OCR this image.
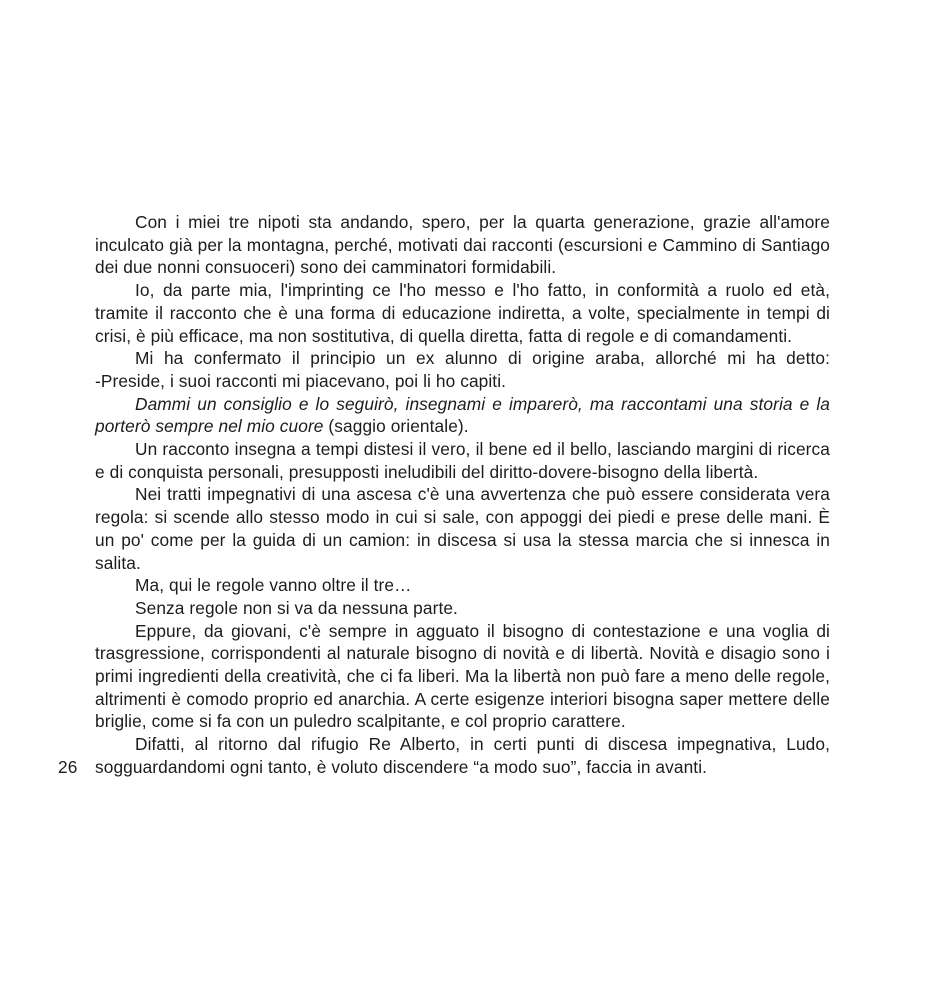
26

Con i miei tre nipoti sta andando, spero, per la quarta generazione, grazie all'amore inculcato già per la montagna, perché, motivati dai racconti (escursioni e Cammino di Santiago dei due nonni consuoceri) sono dei camminatori formidabili.

Io, da parte mia, l'imprinting ce l'ho messo e l'ho fatto, in conformità a ruolo ed età, tramite il racconto che è una forma di educazione indiretta, a volte, specialmente in tempi di crisi, è più efficace, ma non sostitutiva, di quella diretta, fatta di regole e di comandamenti.

Mi ha confermato il principio un ex alunno di origine araba, allorché mi ha detto:

-Preside, i suoi racconti mi piacevano, poi li ho capiti.

Dammi un consiglio e lo seguirò, insegnami e imparerò, ma raccontami una storia e la porterò sempre nel mio cuore (saggio orientale).

Un racconto insegna a tempi distesi il vero, il bene ed il bello, lasciando margini di ricerca e di conquista personali, presupposti ineludibili del diritto-dovere-bisogno della libertà.

Nei tratti impegnativi di una ascesa c'è una avvertenza che può essere considerata vera regola: si scende allo stesso modo in cui si sale, con appoggi dei piedi e prese delle mani. È un po' come per la guida di un camion: in discesa si usa la stessa marcia che si innesca in salita.

Ma, qui le regole vanno oltre il tre…

Senza regole non si va da nessuna parte.

Eppure, da giovani, c'è sempre in agguato il bisogno di contestazione e una voglia di trasgressione, corrispondenti al naturale bisogno di novità e di libertà. Novità e disagio sono i primi ingredienti della creatività, che ci fa liberi. Ma la libertà non può fare a meno delle regole, altrimenti è comodo proprio ed anarchia. A certe esigenze interiori bisogna saper mettere delle briglie, come si fa con un puledro scalpitante, e col proprio carattere.

Difatti, al ritorno dal rifugio Re Alberto, in certi punti di discesa impegnativa, Ludo, sogguardandomi ogni tanto, è voluto discendere “a modo suo”, faccia in avanti.
